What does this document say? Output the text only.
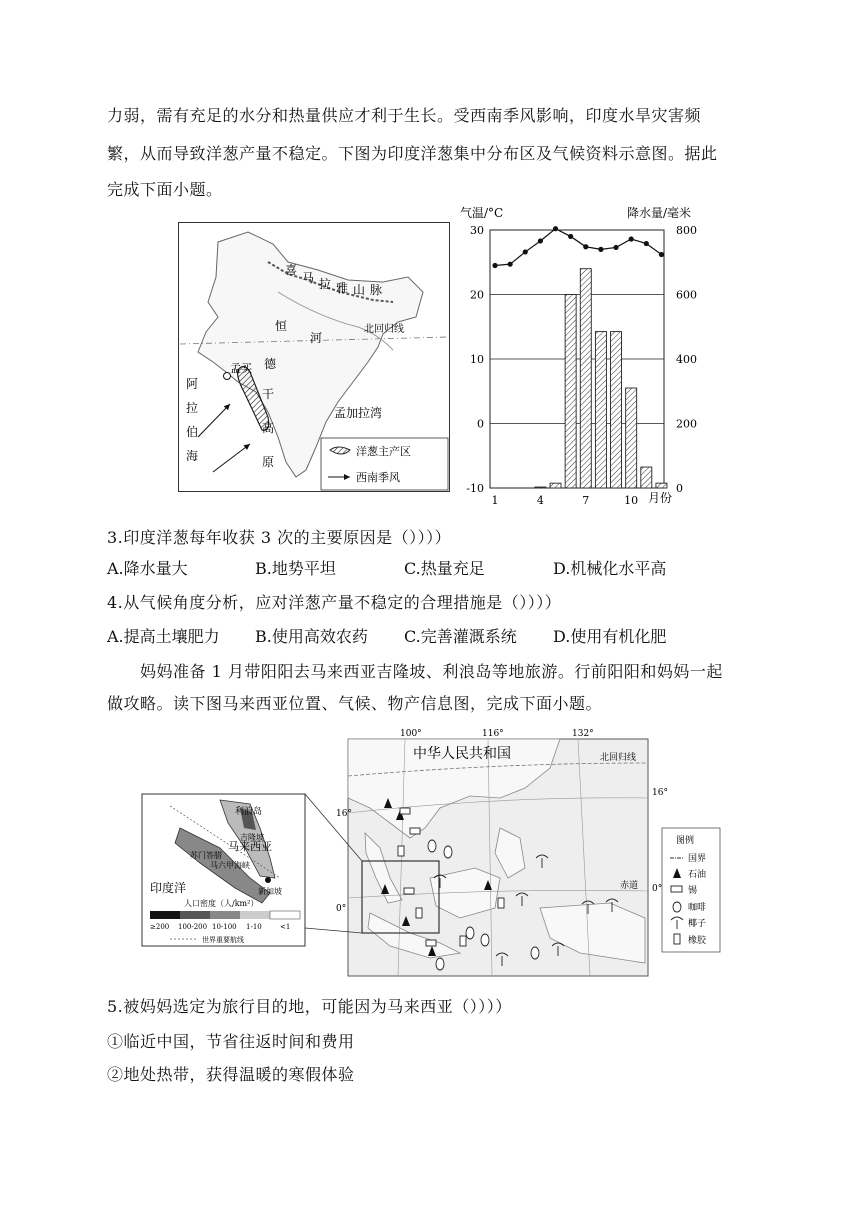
力弱，需有充足的水分和热量供应才利于生长。受西南季风影响，印度水旱灾害频
繁，从而导致洋葱产量不稳定。下图为印度洋葱集中分布区及气候资料示意图。据此
完成下面小题。
喜
马 拉 雅 山 脉
恒
河
北回归线
孟买 德
干
高
原
阿
拉
伯
海
孟加拉湾
洋葱主产区
西南季风
气温/°C	降水量/毫米
月份
30
20
10
0
-10
800
600
400
200
0
1	4	7	10
3.印度洋葱每年收获 3 次的主要原因是（））））
A.降水量大	B.地势平坦	C.热量充足	D.机械化水平高
4.从气候角度分析，应对洋葱产量不稳定的合理措施是（））））
A.提高土壤肥力 B.使用高效农药 C.完善灌溉系统 D.使用有机化肥
妈妈准备 1 月带阳阳去马来西亚吉隆坡、利浪岛等地旅游。行前阳阳和妈妈一起
做攻略。读下图马来西亚位置、气候、物产信息图，完成下面小题。
100°	116°	132°
16°
0°
16°
0°
中华人民共和国	北回归线
赤道
利浪岛
马来西亚
吉隆坡
马六甲海峡
新加坡
印度洋
苏门答腊
人口密度（人/km²）
≥200 100-200 10-100 1-10	<1
世界重要航线
图例
国界
石油
锡
咖啡
椰子
橡胶
5.被妈妈选定为旅行目的地，可能因为马来西亚（））））
①临近中国，节省往返时间和费用
②地处热带，获得温暖的寒假体验
